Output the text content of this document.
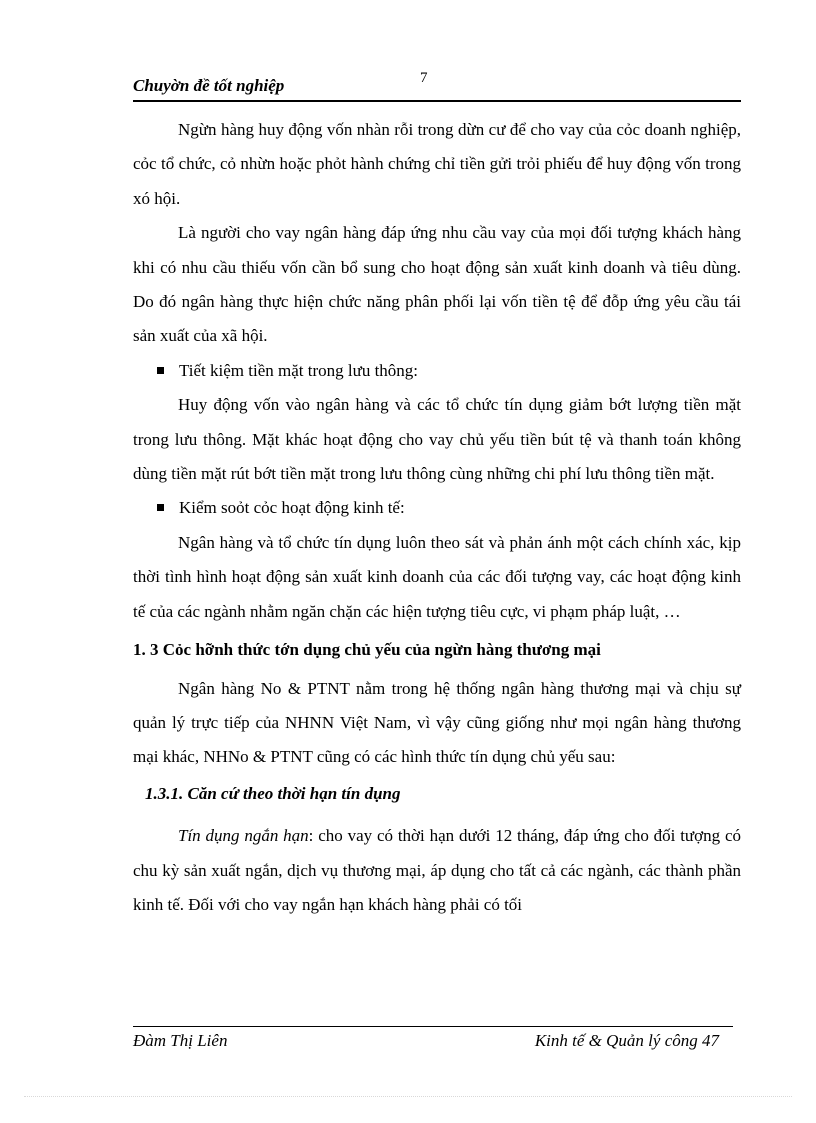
Chuyờn đề tốt nghiệp	7

Ngừn hàng huy động vốn nhàn rỗi trong dừn cư để cho vay của cỏc doanh nghiệp, cỏc tổ chức, cỏ nhừn hoặc phỏt hành chứng chỉ tiền gửi trỏi phiếu để huy động vốn trong xó hội.

Là người cho vay ngân hàng đáp ứng nhu cầu vay của mọi đối tượng khách hàng khi có nhu cầu thiếu vốn cần bổ sung cho hoạt động sản xuất kinh doanh và tiêu dùng. Do đó ngân hàng thực hiện chức năng phân phối lại vốn tiền tệ để đỗp ứng yêu cầu tái sản xuất của xã hội.

Tiết kiệm tiền mặt trong lưu thông:

Huy động vốn vào ngân hàng và các tổ chức tín dụng giảm bớt lượng tiền mặt trong lưu thông. Mặt khác hoạt động cho vay chủ yếu tiền bút tệ và thanh toán không dùng tiền mặt rút bớt tiền mặt trong lưu thông cùng những chi phí lưu thông tiền mặt.

Kiểm soỏt cỏc hoạt động kinh tế:

Ngân hàng và tổ chức tín dụng luôn theo sát và phản ánh một cách chính xác, kịp thời tình hình hoạt động sản xuất kinh doanh của các đối tượng vay, các hoạt động kinh tế của các ngành nhằm ngăn chặn các hiện tượng tiêu cực, vi phạm pháp luật, …

1. 3 Cỏc hỡnh thức tớn dụng chủ yếu của ngừn hàng thương mại

Ngân hàng No & PTNT nằm trong hệ thống ngân hàng thương mại và chịu sự quản lý trực tiếp của NHNN Việt Nam, vì vậy cũng giống như mọi ngân hàng thương mại khác, NHNo & PTNT cũng có các hình thức tín dụng chủ yếu sau:

1.3.1. Căn cứ theo thời hạn tín dụng

Tín dụng ngắn hạn: cho vay có thời hạn dưới 12 tháng, đáp ứng cho đối tượng có chu kỳ sản xuất ngắn, dịch vụ thương mại, áp dụng cho tất cả các ngành, các thành phần kinh tế. Đối với cho vay ngắn hạn khách hàng phải có tối

Đàm Thị Liên	Kinh tế & Quản lý công 47
